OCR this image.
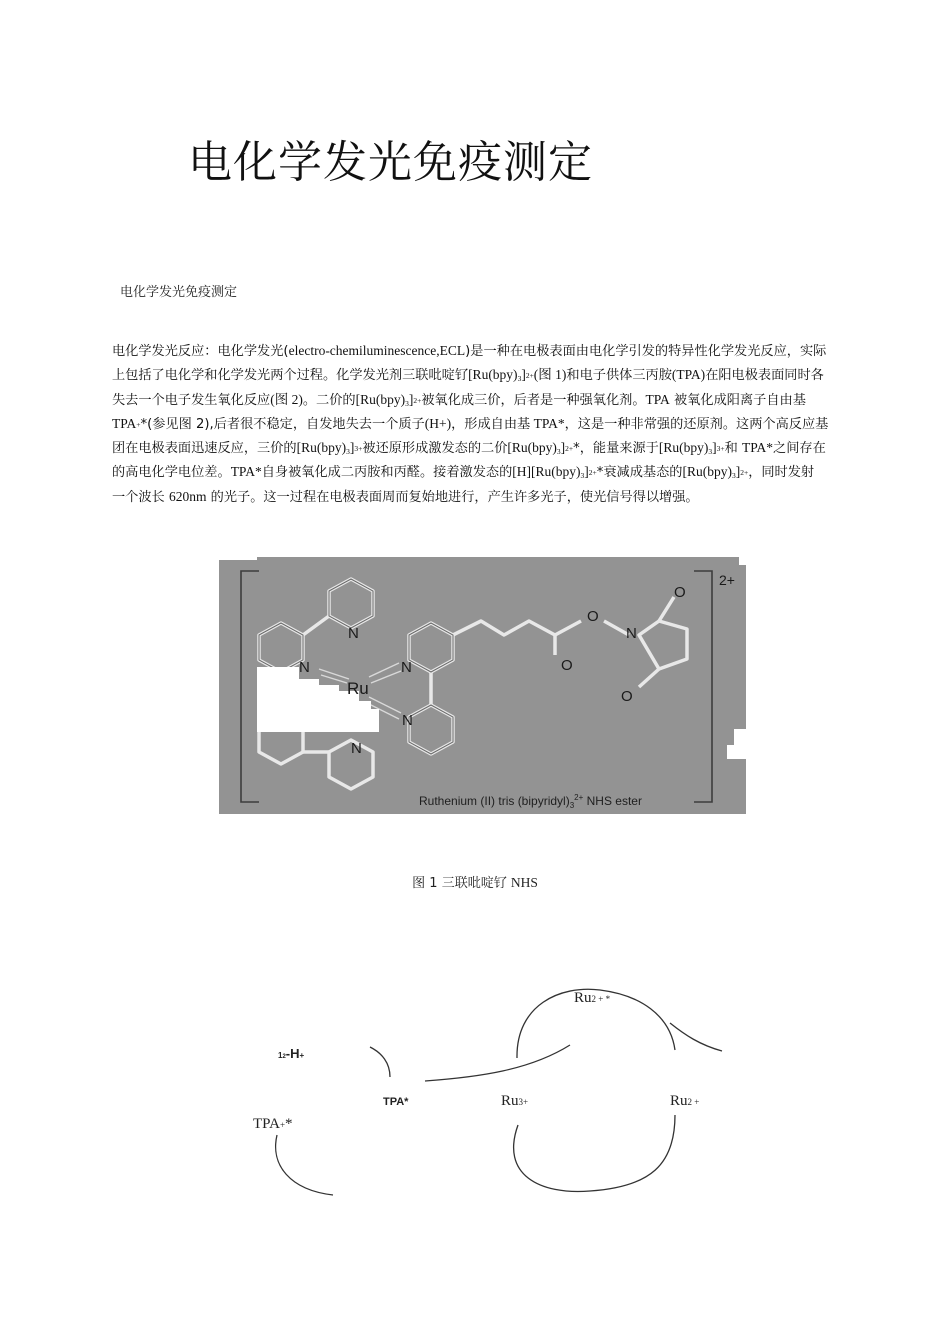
电化学发光免疫测定
电化学发光免疫测定
电化学发光反应：电化学发光(electro-chemiluminescence,ECL)是一种在电极表面由电化学引发的特异性化学发光反应，实际
上包括了电化学和化学发光两个过程。化学发光剂三联吡啶钌$[Ru(bpy)_3]2+$(图 1)和电子供体三丙胺(TPA)在阳电极表面同时各
失去一个电子发生氧化反应(图 2)。二价的$[Ru(bpy)_3]2+$被氧化成三价，后者是一种强氧化剂。TPA 被氧化成阳离子自由基
TPA+*(参见图 2),后者很不稳定，自发地失去一个质子(H+)，形成自由基 TPA*，这是一种非常强的还原剂。这两个高反应基
团在电极表面迅速反应，三价的$[Ru(bpy)_3]3+$被还原形成激发态的二价$[Ru(bpy)_3]2+*$，能量来源于$[Ru(bpy)_3]3+$和 TPA*之间存在
的高电化学电位差。TPA*自身被氧化成二丙胺和丙醛。接着激发态的$[H][Ru(bpy)_3]2+*$衰减成基态的$[Ru(bpy)_3]2+$，同时发射
一个波长 620nm 的光子。这一过程在电极表面周而复始地进行，产生许多光子，使光信号得以增强。
N
N
Ru
N
N
N
O
N
O
O
O
2+
Ruthenium (II) tris $(bipyridyl)_3^{2+}$ NHS ester
图 1 三联吡啶钌 NHS
Ru2 + *
12-H+
TPA*	Ru3+	Ru2 +
TPA+*
